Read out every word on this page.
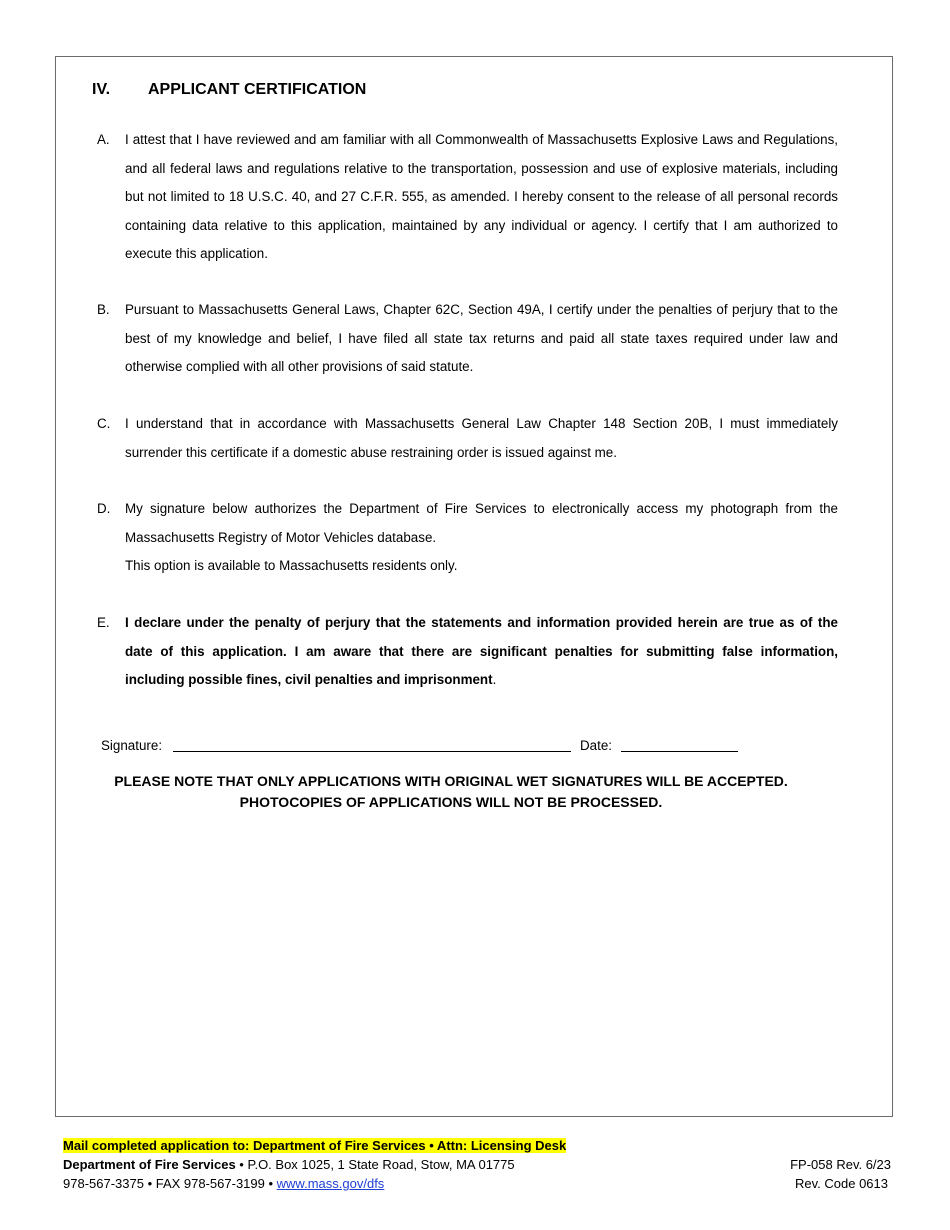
IV. APPLICANT CERTIFICATION
A. I attest that I have reviewed and am familiar with all Commonwealth of Massachusetts Explosive Laws and Regulations, and all federal laws and regulations relative to the transportation, possession and use of explosive materials, including but not limited to 18 U.S.C. 40, and 27 C.F.R. 555, as amended. I hereby consent to the release of all personal records containing data relative to this application, maintained by any individual or agency. I certify that I am authorized to execute this application.
B. Pursuant to Massachusetts General Laws, Chapter 62C, Section 49A, I certify under the penalties of perjury that to the best of my knowledge and belief, I have filed all state tax returns and paid all state taxes required under law and otherwise complied with all other provisions of said statute.
C. I understand that in accordance with Massachusetts General Law Chapter 148 Section 20B, I must immediately surrender this certificate if a domestic abuse restraining order is issued against me.
D. My signature below authorizes the Department of Fire Services to electronically access my photograph from the Massachusetts Registry of Motor Vehicles database.
This option is available to Massachusetts residents only.
E. I declare under the penalty of perjury that the statements and information provided herein are true as of the date of this application. I am aware that there are significant penalties for submitting false information, including possible fines, civil penalties and imprisonment.
Signature:	Date:
PLEASE NOTE THAT ONLY APPLICATIONS WITH ORIGINAL WET SIGNATURES WILL BE ACCEPTED.
PHOTOCOPIES OF APPLICATIONS WILL NOT BE PROCESSED.
Mail completed application to: Department of Fire Services • Attn: Licensing Desk
Department of Fire Services • P.O. Box 1025, 1 State Road, Stow, MA 01775
978-567-3375 • FAX 978-567-3199 • www.mass.gov/dfs
FP-058 Rev. 6/23
Rev. Code 0613
